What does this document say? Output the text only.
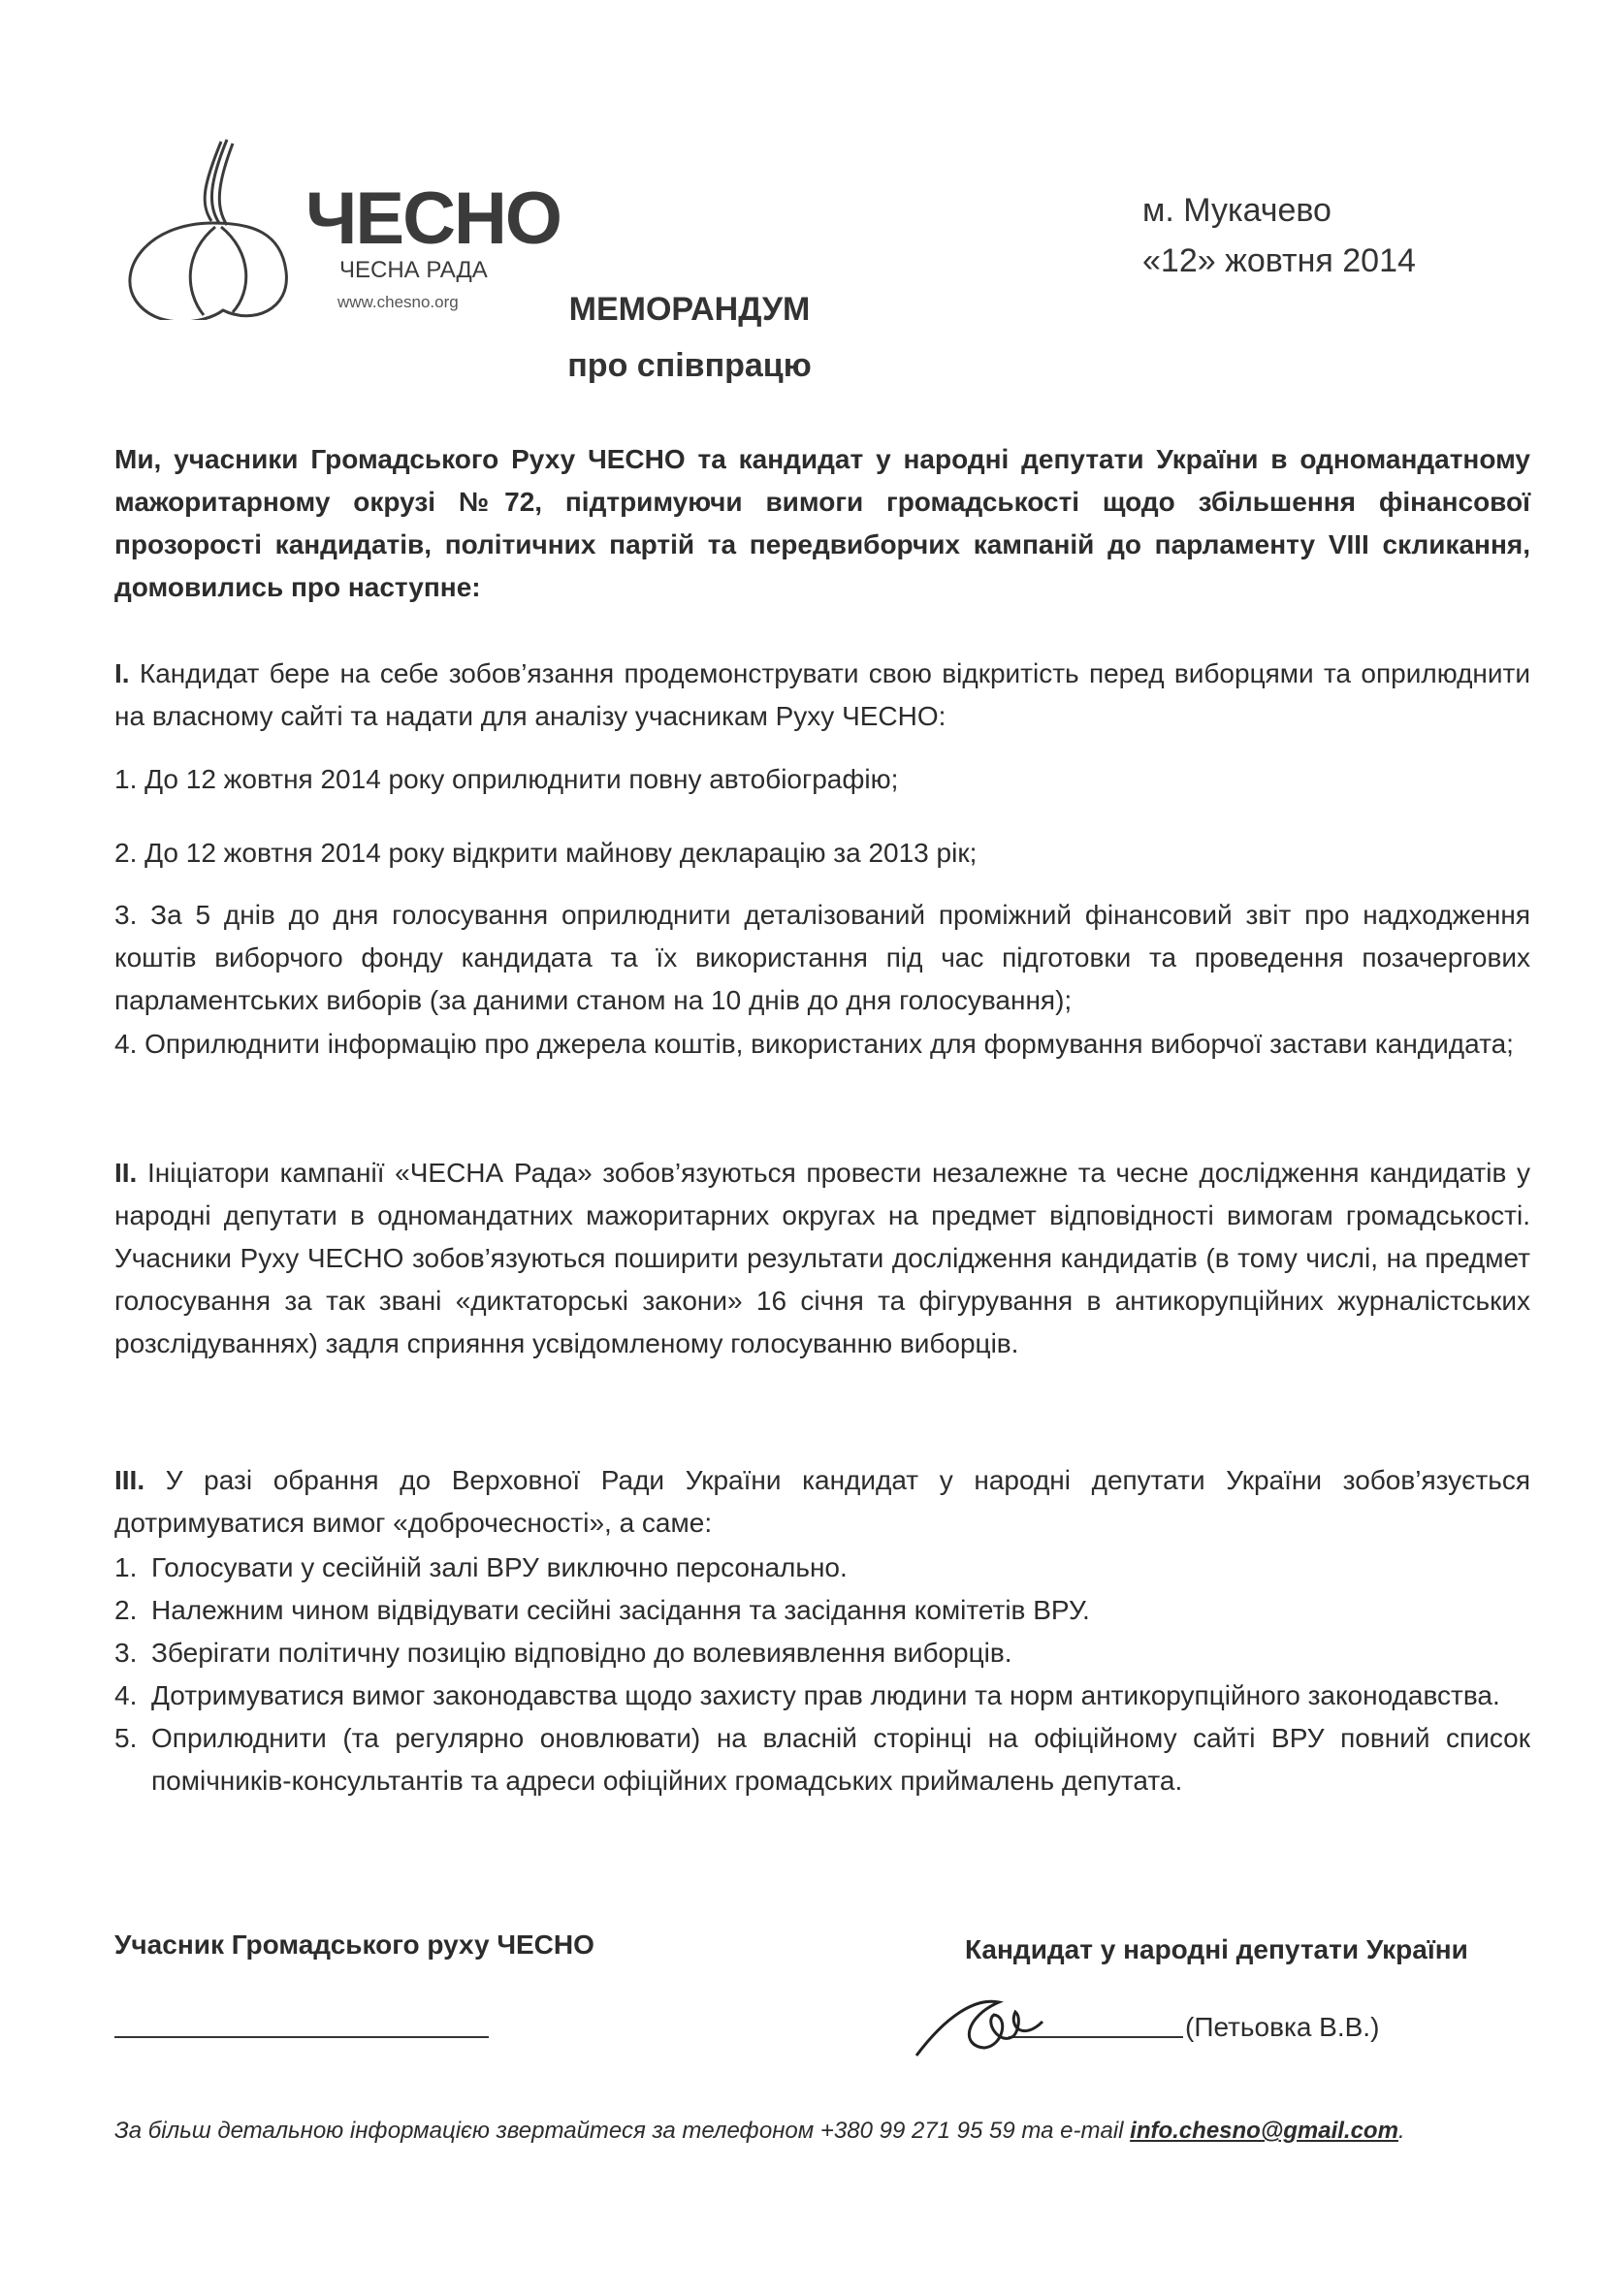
ЧЕСНО
ЧЕСНА РАДА
www.chesno.org
м. Мукачево
«12» жовтня 2014
МЕМОРАНДУМ
про співпрацю
Ми, учасники Громадського Руху ЧЕСНО та кандидат у народні депутати України в одномандатному мажоритарному окрузі №72, підтримуючи вимоги громадськості щодо збільшення фінансової прозорості кандидатів, політичних партій та передвиборчих кампаній до парламенту VIII скликання, домовились про наступне:
I. Кандидат бере на себе зобов’язання продемонструвати свою відкритість перед виборцями та оприлюднити на власному сайті та надати для аналізу учасникам Руху ЧЕСНО:
1. До 12 жовтня 2014 року оприлюднити повну автобіографію;
2. До 12 жовтня 2014 року відкрити майнову декларацію за 2013 рік;
3. За 5 днів до дня голосування оприлюднити деталізований проміжний фінансовий звіт про надходження коштів виборчого фонду кандидата та їх використання під час підготовки та проведення позачергових парламентських виборів (за даними станом на 10 днів до дня голосування);
4. Оприлюднити інформацію про джерела коштів, використаних для формування виборчої застави кандидата;
II. Ініціатори кампанії «ЧЕСНА Рада» зобов’язуються провести незалежне та чесне дослідження кандидатів у народні депутати в одномандатних мажоритарних округах на предмет відповідності вимогам громадськості. Учасники Руху ЧЕСНО зобов’язуються поширити результати дослідження кандидатів (в тому числі, на предмет голосування за так звані «диктаторські закони» 16 січня та фігурування в антикорупційних журналістських розслідуваннях) задля сприяння усвідомленому голосуванню виборців.
III. У разі обрання до Верховної Ради України кандидат у народні депутати України зобов’язується дотримуватися вимог «доброчесності», а саме:
1. Голосувати у сесійній залі ВРУ виключно персонально.
2. Належним чином відвідувати сесійні засідання та засідання комітетів ВРУ.
3. Зберігати політичну позицію відповідно до волевиявлення виборців.
4. Дотримуватися вимог законодавства щодо захисту прав людини та норм антикорупційного законодавства.
5. Оприлюднити (та регулярно оновлювати) на власній сторінці на офіційному сайті ВРУ повний список помічників-консультантів та адреси офіційних громадських приймалень депутата.
Учасник Громадського руху ЧЕСНО	Кандидат у народні депутати України
(Петьовка В.В.)
За більш детальною інформацією звертайтеся за телефоном +380 99 271 95 59 та e-mail info.chesno@gmail.com.
